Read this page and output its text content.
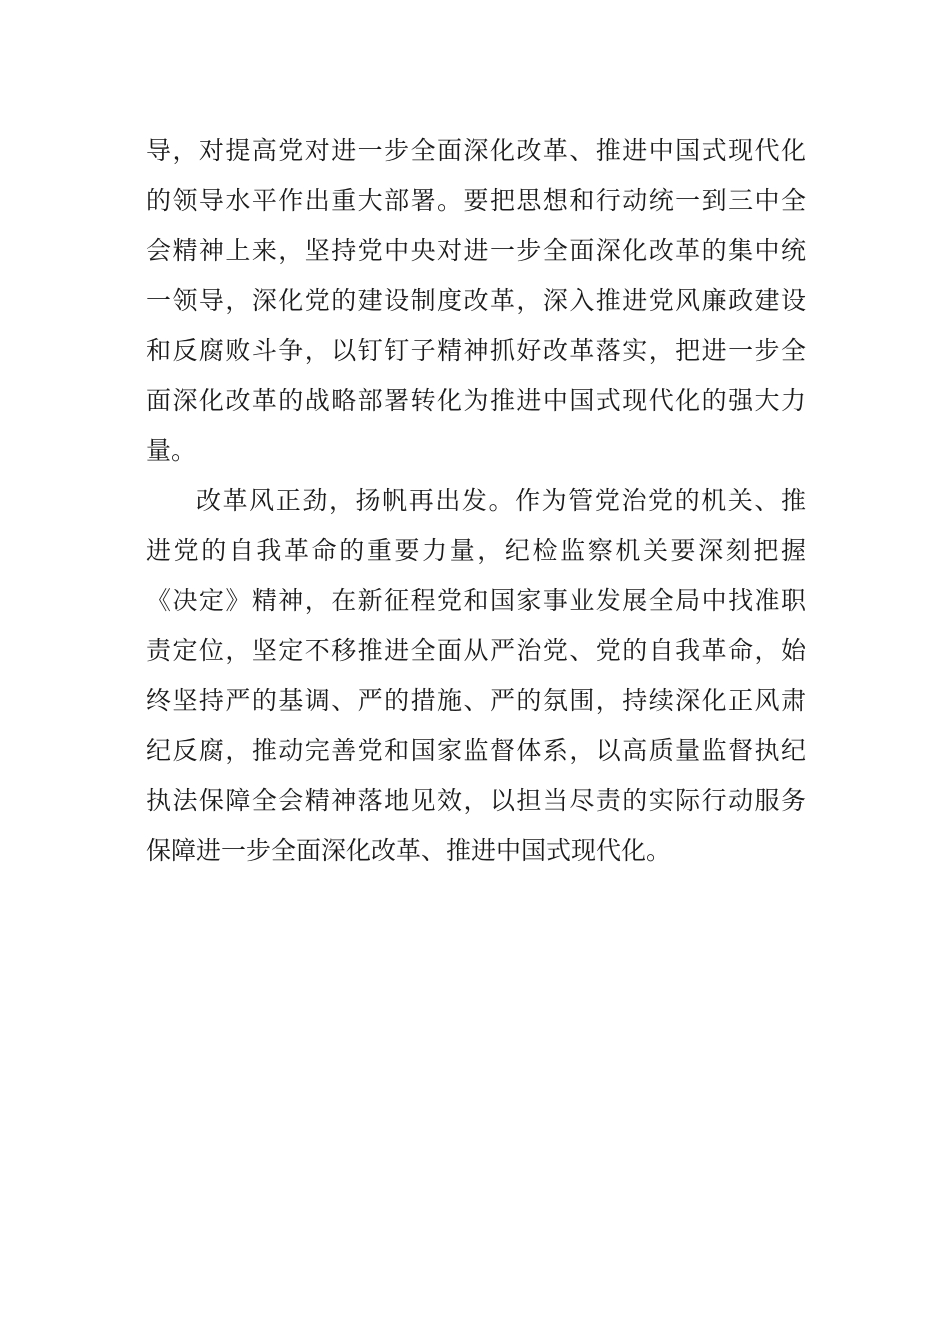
导，对提高党对进一步全面深化改革、推进中国式现代化
的领导水平作出重大部署。要把思想和行动统一到三中全
会精神上来，坚持党中央对进一步全面深化改革的集中统
一领导，深化党的建设制度改革，深入推进党风廉政建设
和反腐败斗争，以钉钉子精神抓好改革落实，把进一步全
面深化改革的战略部署转化为推进中国式现代化的强大力
量。
改革风正劲，扬帆再出发。作为管党治党的机关、推
进党的自我革命的重要力量，纪检监察机关要深刻把握
《决定》精神，在新征程党和国家事业发展全局中找准职
责定位，坚定不移推进全面从严治党、党的自我革命，始
终坚持严的基调、严的措施、严的氛围，持续深化正风肃
纪反腐，推动完善党和国家监督体系，以高质量监督执纪
执法保障全会精神落地见效，以担当尽责的实际行动服务
保障进一步全面深化改革、推进中国式现代化。
